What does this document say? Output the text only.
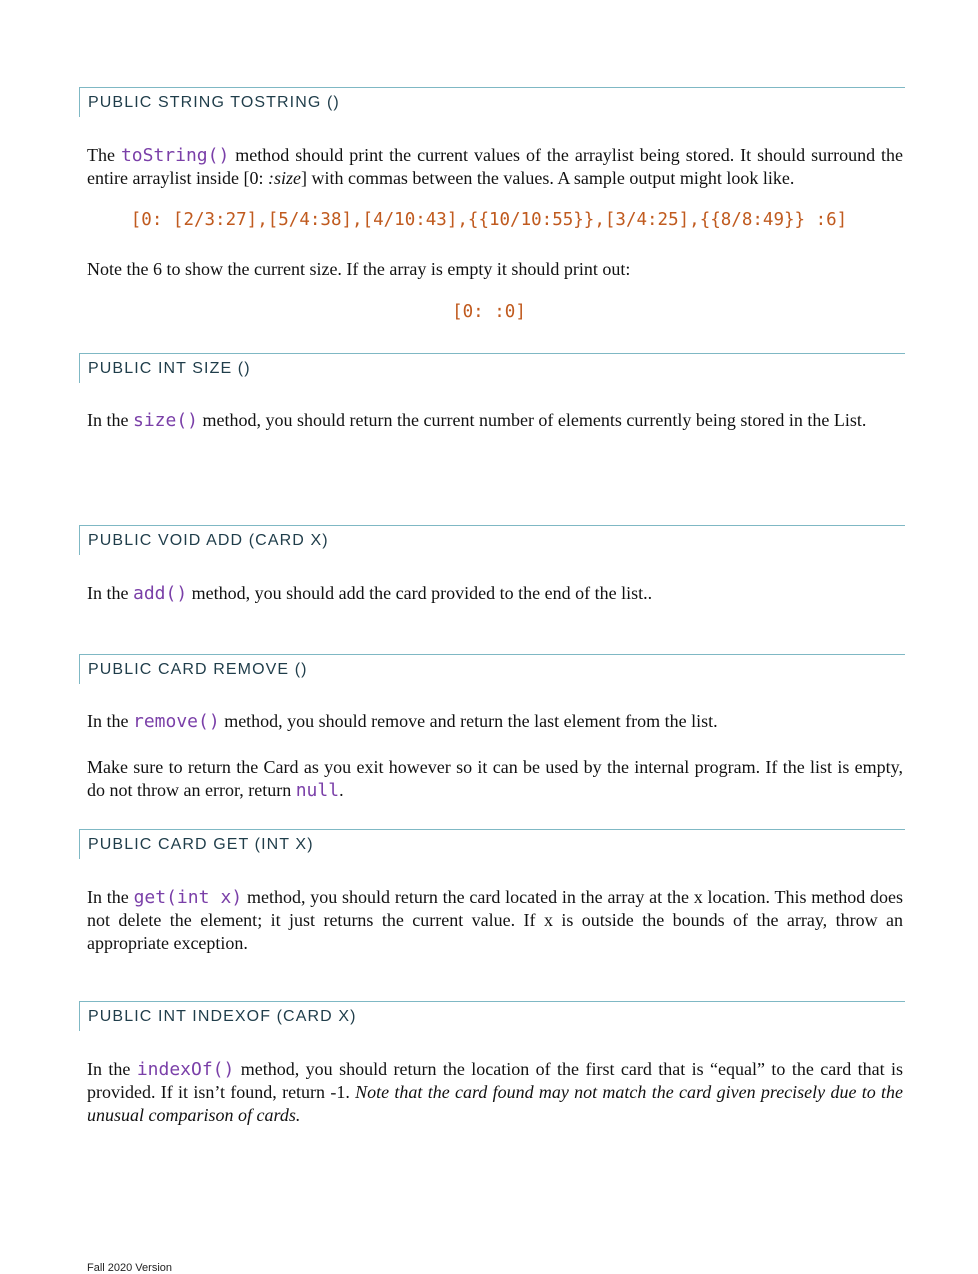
PUBLIC STRING TOSTRING ()

The toString() method should print the current values of the arraylist being stored. It should surround the entire arraylist inside [0: :size] with commas between the values. A sample output might look like.

[0: [2/3:27],[5/4:38],[4/10:43],{{10/10:55}},[3/4:25],{{8/8:49}} :6]

Note the 6 to show the current size. If the array is empty it should print out:

[0: :0]
PUBLIC INT SIZE ()

In the size() method, you should return the current number of elements currently being stored in the List.

PUBLIC VOID ADD (CARD X)

In the add() method, you should add the card provided to the end of the list..

PUBLIC CARD REMOVE ()

In the remove() method, you should remove and return the last element from the list.

Make sure to return the Card as you exit however so it can be used by the internal program. If the list is empty, do not throw an error, return null.

PUBLIC CARD GET (INT X)

In the get(int x) method, you should return the card located in the array at the x location. This method does not delete the element; it just returns the current value. If x is outside the bounds of the array, throw an appropriate exception.

PUBLIC INT INDEXOF (CARD X)

In the indexOf() method, you should return the location of the first card that is “equal” to the card that is provided. If it isn’t found, return -1. Note that the card found may not match the card given precisely due to the unusual comparison of cards.

Fall 2020 Version
